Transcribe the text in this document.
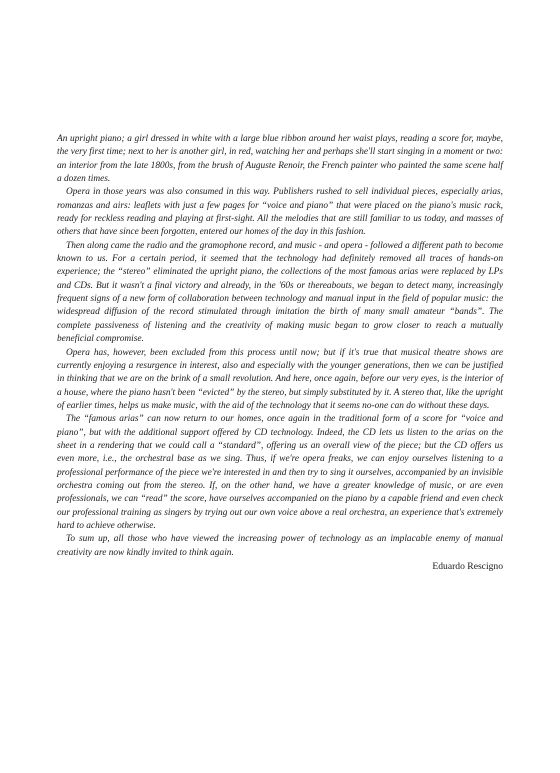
An upright piano; a girl dressed in white with a large blue ribbon around her waist plays, reading a score for, maybe, the very first time; next to her is another girl, in red, watching her and perhaps she'll start singing in a moment or two: an interior from the late 1800s, from the brush of Auguste Renoir, the French painter who painted the same scene half a dozen times.

Opera in those years was also consumed in this way. Publishers rushed to sell individual pieces, especially arias, romanzas and airs: leaflets with just a few pages for “voice and piano” that were placed on the piano's music rack, ready for reckless reading and playing at first-sight. All the melodies that are still familiar to us today, and masses of others that have since been forgotten, entered our homes of the day in this fashion.

Then along came the radio and the gramophone record, and music - and opera - followed a different path to become known to us. For a certain period, it seemed that the technology had definitely removed all traces of hands-on experience; the “stereo” eliminated the upright piano, the collections of the most famous arias were replaced by LPs and CDs. But it wasn't a final victory and already, in the '60s or thereabouts, we began to detect many, increasingly frequent signs of a new form of collaboration between technology and manual input in the field of popular music: the widespread diffusion of the record stimulated through imitation the birth of many small amateur “bands”. The complete passiveness of listening and the creativity of making music began to grow closer to reach a mutually beneficial compromise.

Opera has, however, been excluded from this process until now; but if it's true that musical theatre shows are currently enjoying a resurgence in interest, also and especially with the younger generations, then we can be justified in thinking that we are on the brink of a small revolution. And here, once again, before our very eyes, is the interior of a house, where the piano hasn't been “evicted” by the stereo, but simply substituted by it. A stereo that, like the upright of earlier times, helps us make music, with the aid of the technology that it seems no-one can do without these days.

The “famous arias” can now return to our homes, once again in the traditional form of a score for “voice and piano”, but with the additional support offered by CD technology. Indeed, the CD lets us listen to the arias on the sheet in a rendering that we could call a “standard”, offering us an overall view of the piece; but the CD offers us even more, i.e., the orchestral base as we sing. Thus, if we're opera freaks, we can enjoy ourselves listening to a professional performance of the piece we're interested in and then try to sing it ourselves, accompanied by an invisible orchestra coming out from the stereo. If, on the other hand, we have a greater knowledge of music, or are even professionals, we can “read” the score, have ourselves accompanied on the piano by a capable friend and even check our professional training as singers by trying out our own voice above a real orchestra, an experience that's extremely hard to achieve otherwise.

To sum up, all those who have viewed the increasing power of technology as an implacable enemy of manual creativity are now kindly invited to think again.

Eduardo Rescigno
